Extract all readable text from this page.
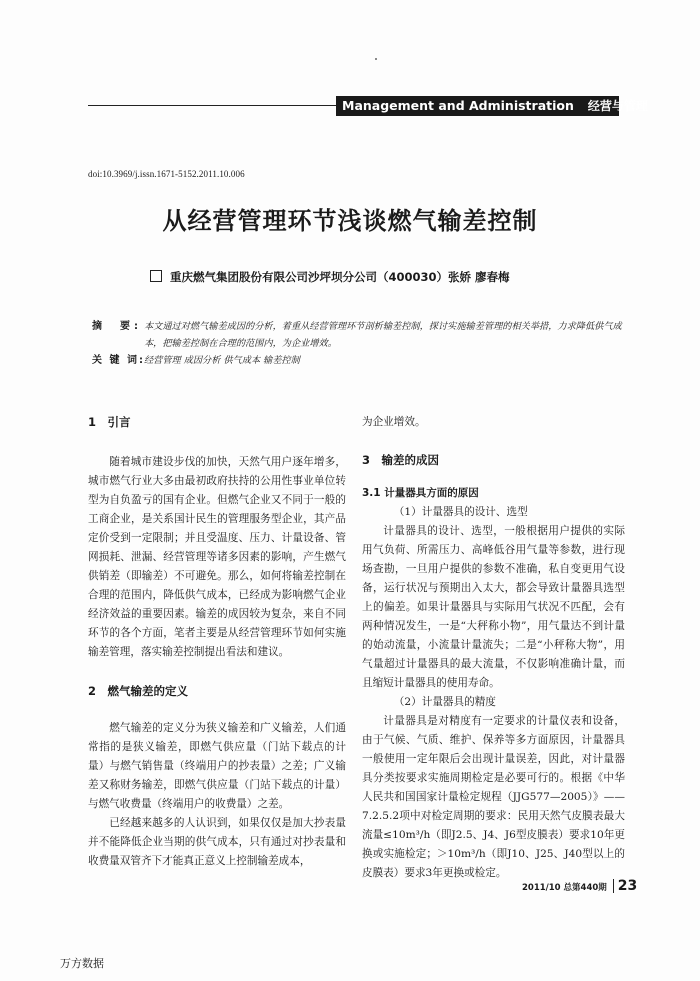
Management and Administration 经营与管理
doi:10.3969/j.issn.1671-5152.2011.10.006
从经营管理环节浅谈燃气输差控制
重庆燃气集团股份有限公司沙坪坝分公司（400030）张娇 廖春梅
摘　要: 本文通过对燃气输差成因的分析，着重从经营管理环节剖析输差控制，探讨实施输差管理的相关举措，力求降低供气成本，把输差控制在合理的范围内，为企业增效。
关 键 词: 经营管理 成因分析 供气成本 输差控制

1　引言

随着城市建设步伐的加快，天然气用户逐年增多，城市燃气行业大多由最初政府扶持的公用性事业单位转型为自负盈亏的国有企业。但燃气企业又不同于一般的工商企业，是关系国计民生的管理服务型企业，其产品定价受到一定限制；并且受温度、压力、计量设备、管网损耗、泄漏、经营管理等诸多因素的影响，产生燃气供销差（即输差）不可避免。那么，如何将输差控制在合理的范围内，降低供气成本，已经成为影响燃气企业经济效益的重要因素。输差的成因较为复杂，来自不同环节的各个方面，笔者主要是从经营管理环节如何实施输差管理，落实输差控制提出看法和建议。

2　燃气输差的定义

燃气输差的定义分为狭义输差和广义输差，人们通常指的是狭义输差，即燃气供应量（门站下载点的计量）与燃气销售量（终端用户的抄表量）之差；广义输差又称财务输差，即燃气供应量（门站下载点的计量）与燃气收费量（终端用户的收费量）之差。

已经越来越多的人认识到，如果仅仅是加大抄表量并不能降低企业当期的供气成本，只有通过对抄表量和收费量双管齐下才能真正意义上控制输差成本，

为企业增效。

3　输差的成因

3.1 计量器具方面的原因

（1）计量器具的设计、选型

计量器具的设计、选型，一般根据用户提供的实际用气负荷、所需压力、高峰低谷用气量等参数，进行现场查勘，一旦用户提供的参数不准确，私自变更用气设备，运行状况与预期出入太大，都会导致计量器具选型上的偏差。如果计量器具与实际用气状况不匹配，会有两种情况发生，一是“大秤称小物”，用气量达不到计量的始动流量，小流量计量流失；二是“小秤称大物”，用气量超过计量器具的最大流量，不仅影响准确计量，而且缩短计量器具的使用寿命。

（2）计量器具的精度

计量器具是对精度有一定要求的计量仪表和设备，由于气候、气质、维护、保养等多方面原因，计量器具一般使用一定年限后会出现计量误差，因此，对计量器具分类按要求实施周期检定是必要可行的。根据《中华人民共和国国家计量检定规程（JJG577—2005）》——7.2.5.2项中对检定周期的要求：民用天然气皮膜表最大流量≤10m³/h（即J2.5、J4、J6型皮膜表）要求10年更换或实施检定；＞10m³/h（即J10、J25、J40型以上的皮膜表）要求3年更换或检定。

2011/10 总第440期 23
万方数据
